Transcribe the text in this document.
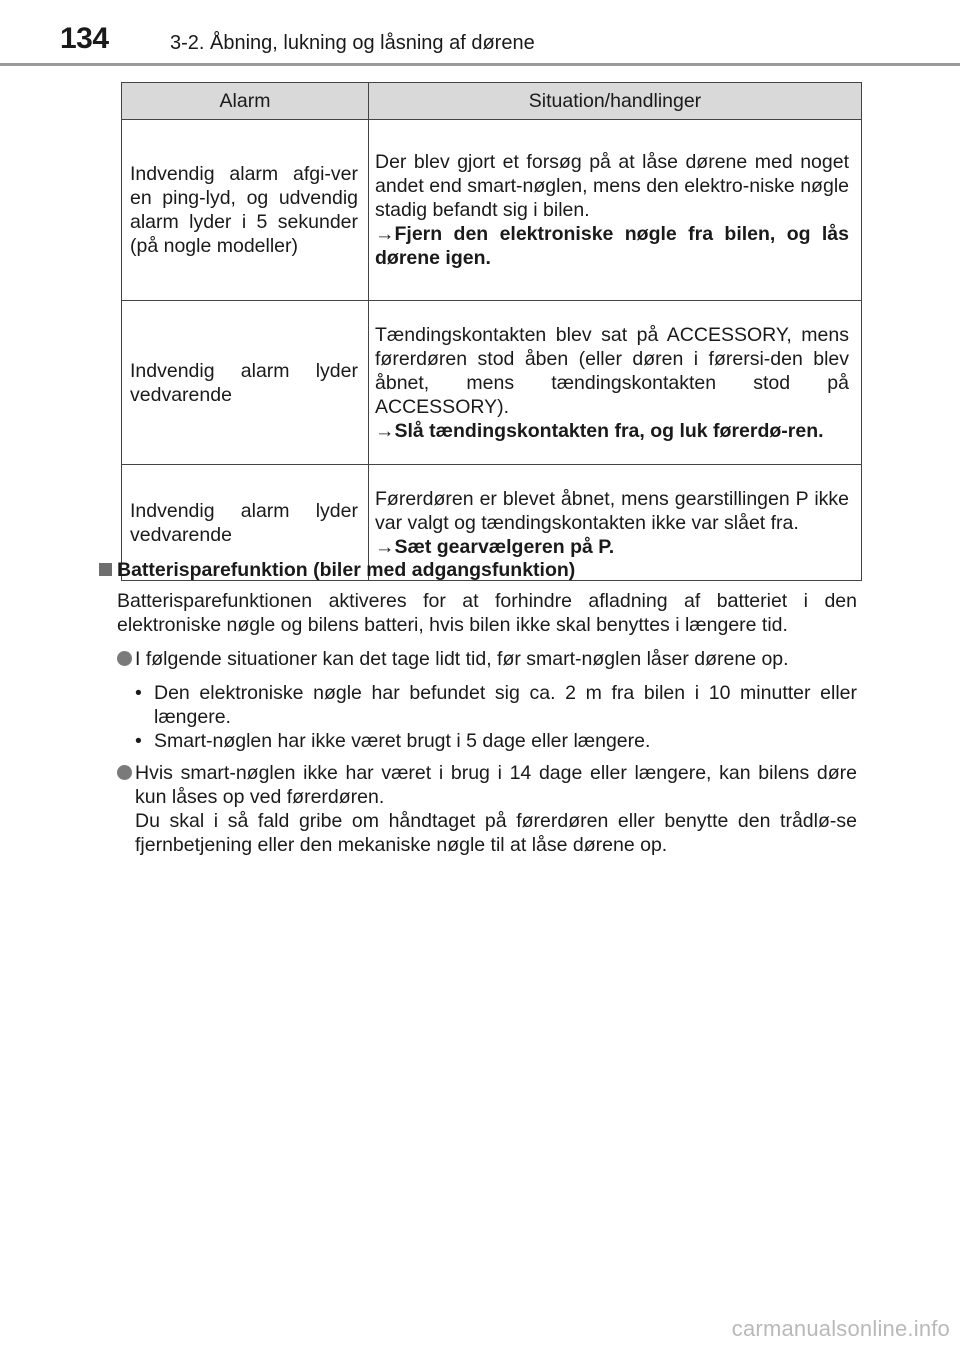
134	3-2. Åbning, lukning og låsning af dørene
Alarm	Situation/handlinger
Indvendig alarm afgi-ver en ping-lyd, og udvendig alarm lyder i 5 sekunder (på nogle modeller)	Der blev gjort et forsøg på at låse dørene med noget andet end smart-nøglen, mens den elektro-niske nøgle stadig befandt sig i bilen.
→Fjern den elektroniske nøgle fra bilen, og lås dørene igen.

Indvendig alarm lyder vedvarende	Tændingskontakten blev sat på ACCESSORY, mens førerdøren stod åben (eller døren i førersi-den blev åbnet, mens tændingskontakten stod på ACCESSORY).
→Slå tændingskontakten fra, og luk førerdø-ren.

Indvendig alarm lyder vedvarende	Førerdøren er blevet åbnet, mens gearstillingen P ikke var valgt og tændingskontakten ikke var slået fra.
→Sæt gearvælgeren på P.
Batterisparefunktion (biler med adgangsfunktion)
Batterisparefunktionen aktiveres for at forhindre afladning af batteriet i den elektroniske nøgle og bilens batteri, hvis bilen ikke skal benyttes i længere tid.
I følgende situationer kan det tage lidt tid, før smart-nøglen låser dørene op.
• Den elektroniske nøgle har befundet sig ca. 2 m fra bilen i 10 minutter eller længere.
• Smart-nøglen har ikke været brugt i 5 dage eller længere.
Hvis smart-nøglen ikke har været i brug i 14 dage eller længere, kan bilens døre kun låses op ved førerdøren.
Du skal i så fald gribe om håndtaget på førerdøren eller benytte den trådlø-se fjernbetjening eller den mekaniske nøgle til at låse dørene op.
carmanualsonline.info
